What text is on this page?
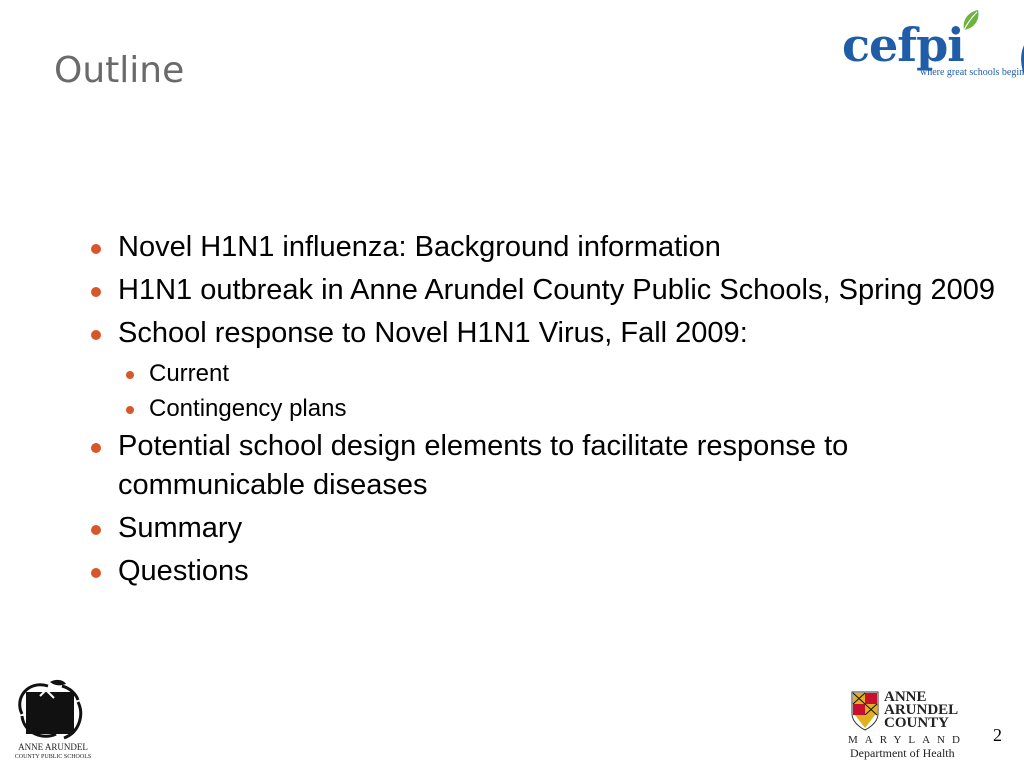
Outline	cefpi
where great schools begin
Novel H1N1 influenza: Background information
H1N1 outbreak in Anne Arundel County Public Schools, Spring 2009
School response to Novel H1N1 Virus, Fall 2009:
Current
Contingency plans
Potential school design elements to facilitate response to communicable diseases
Summary
Questions
ANNE ARUNDEL
COUNTY PUBLIC SCHOOLS
ANNE
ARUNDEL
COUNTY
MARYLAND
Department of Health
2
